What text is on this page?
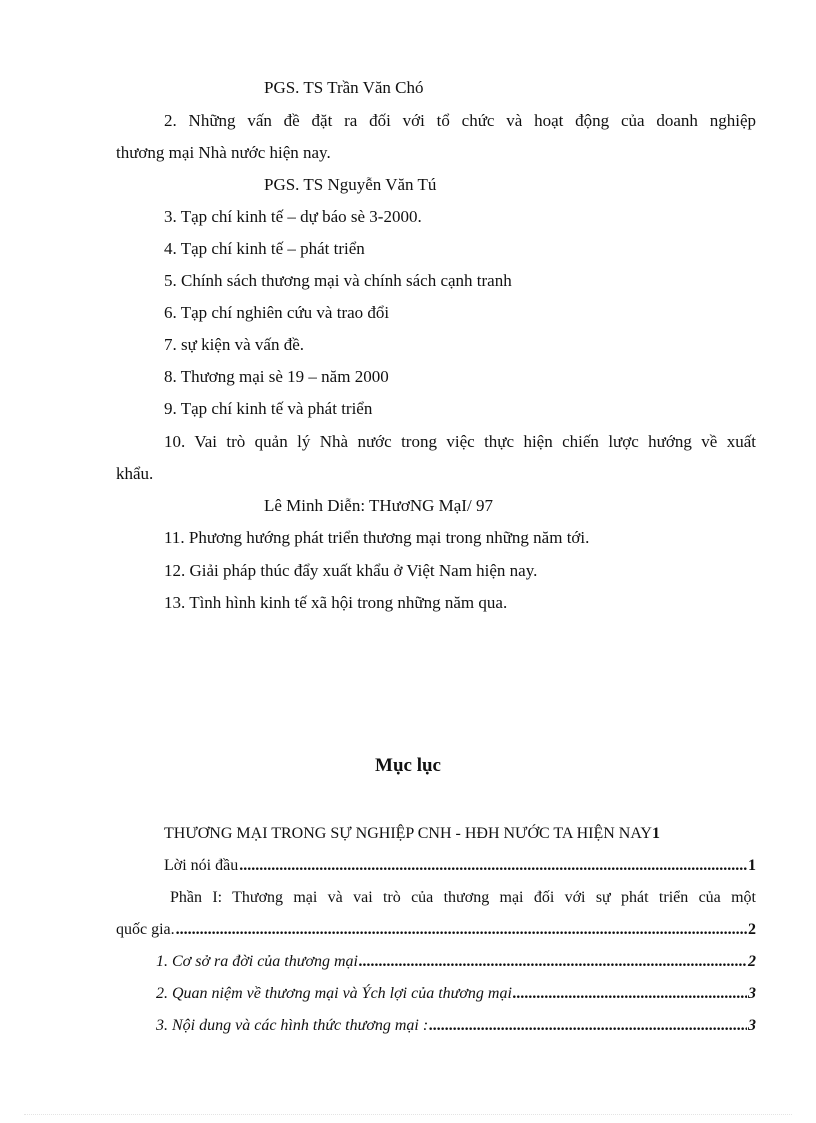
PGS. TS Trần Văn Chó
2. Những vấn đề đặt ra đối với tổ chức và hoạt động của doanh nghiệp
thương mại Nhà nước hiện nay.
PGS. TS Nguyễn Văn Tú
3. Tạp chí kinh tế – dự báo sè 3-2000.
4. Tạp chí kinh tế – phát triển
5. Chính sách thương mại và chính sách cạnh tranh
6. Tạp chí nghiên cứu và trao đổi
7. sự kiện và vấn đề.
8. Thương mại sè 19 – năm 2000
9. Tạp chí kinh tế và phát triển
10. Vai trò quản lý Nhà nước trong việc thực hiện chiến lược hướng về xuất
khẩu.
Lê Minh Diễn: THươNG MạI/ 97
11. Phương hướng phát triển thương mại trong những năm tới.
12. Giải pháp thúc đẩy xuất khẩu ở Việt Nam hiện nay.
13. Tình hình kinh tế xã hội trong những năm qua.
Mục lục
THƯƠNG MẠI TRONG SỰ NGHIỆP CNH - HĐH NƯỚC TA HIỆN NAY 1
Lời nói đầu .....	1
Phần I: Thương mại và vai trò của thương mại đối với sự phát triển của một
quốc gia. .....	2
1. Cơ sở ra đời của thương mại .....	2
2. Quan niệm về thương mại và Ých lợi của thương mại .....	3
3. Nội dung và các hình thức thương mại : .....	3
